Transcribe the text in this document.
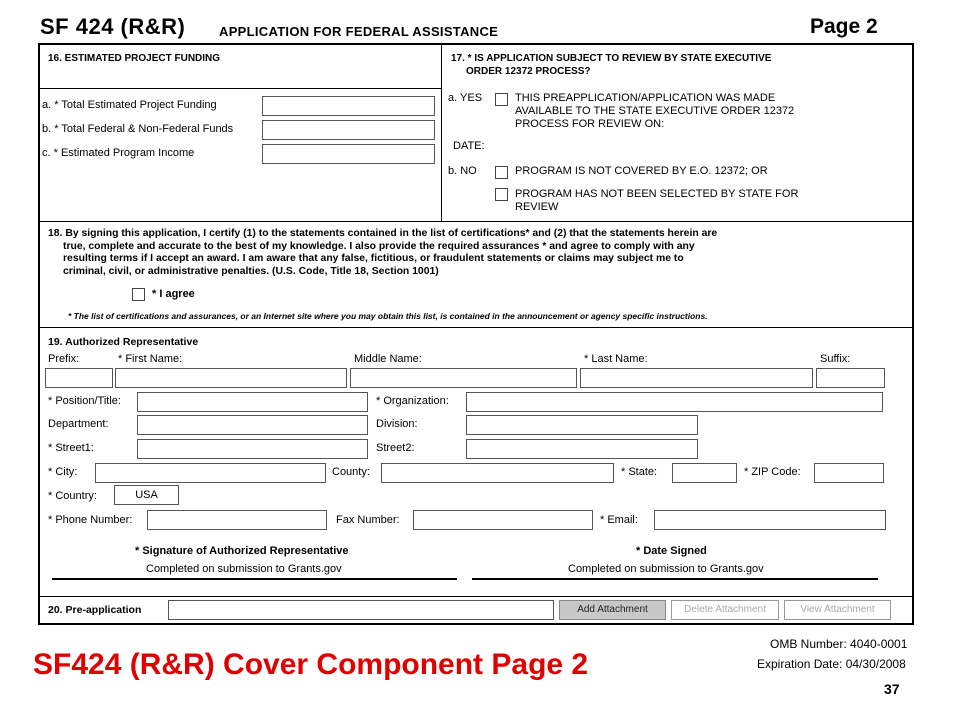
SF 424 (R&R)	APPLICATION FOR FEDERAL ASSISTANCE	Page 2
16. ESTIMATED PROJECT FUNDING
a. * Total Estimated Project Funding
b. * Total Federal & Non-Federal Funds
c. * Estimated Program Income
17. * IS APPLICATION SUBJECT TO REVIEW BY STATE EXECUTIVE
ORDER 12372 PROCESS?
a. YES	THIS PREAPPLICATION/APPLICATION WAS MADE
AVAILABLE TO THE STATE EXECUTIVE ORDER 12372
PROCESS FOR REVIEW ON:
DATE:
b. NO	PROGRAM IS NOT COVERED BY E.O. 12372; OR
PROGRAM HAS NOT BEEN SELECTED BY STATE FOR
REVIEW
18. By signing this application, I certify (1) to the statements contained in the list of certifications* and (2) that the statements herein are
true, complete and accurate to the best of my knowledge. I also provide the required assurances * and agree to comply with any
resulting terms if I accept an award. I am aware that any false, fictitious, or fraudulent statements or claims may subject me to
criminal, civil, or administrative penalties. (U.S. Code, Title 18, Section 1001)
* I agree
* The list of certifications and assurances, or an Internet site where you may obtain this list, is contained in the announcement or agency specific instructions.
19. Authorized Representative
Prefix:	* First Name:	Middle Name:	* Last Name:	Suffix:
* Position/Title:	* Organization:
Department:	Division:
* Street1:	Street2:
* City:	County:	* State:	* ZIP Code:
* Country:	USA
* Phone Number:	Fax Number:	* Email:
* Signature of Authorized Representative
Completed on submission to Grants.gov
* Date Signed
Completed on submission to Grants.gov
20. Pre-application	Add Attachment	Delete Attachment	View Attachment
OMB Number: 4040-0001
Expiration Date: 04/30/2008
SF424 (R&R) Cover Component Page 2
37
